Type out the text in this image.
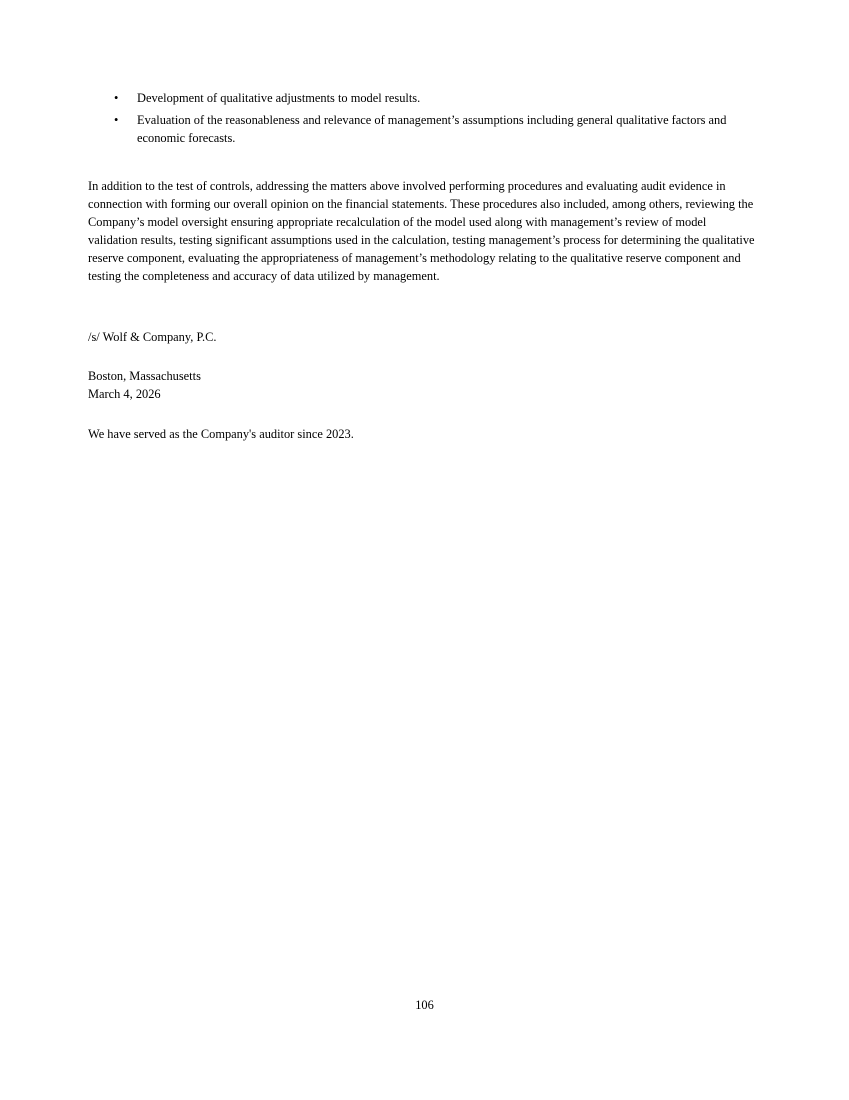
• Development of qualitative adjustments to model results.
• Evaluation of the reasonableness and relevance of management’s assumptions including general qualitative factors and economic forecasts.

In addition to the test of controls, addressing the matters above involved performing procedures and evaluating audit evidence in connection with forming our overall opinion on the financial statements. These procedures also included, among others, reviewing the Company’s model oversight ensuring appropriate recalculation of the model used along with management’s review of model validation results, testing significant assumptions used in the calculation, testing management’s process for determining the qualitative reserve component, evaluating the appropriateness of management’s methodology relating to the qualitative reserve component and testing the completeness and accuracy of data utilized by management.

/s/ Wolf & Company, P.C.

Boston, Massachusetts
March 4, 2026

We have served as the Company's auditor since 2023.

106
